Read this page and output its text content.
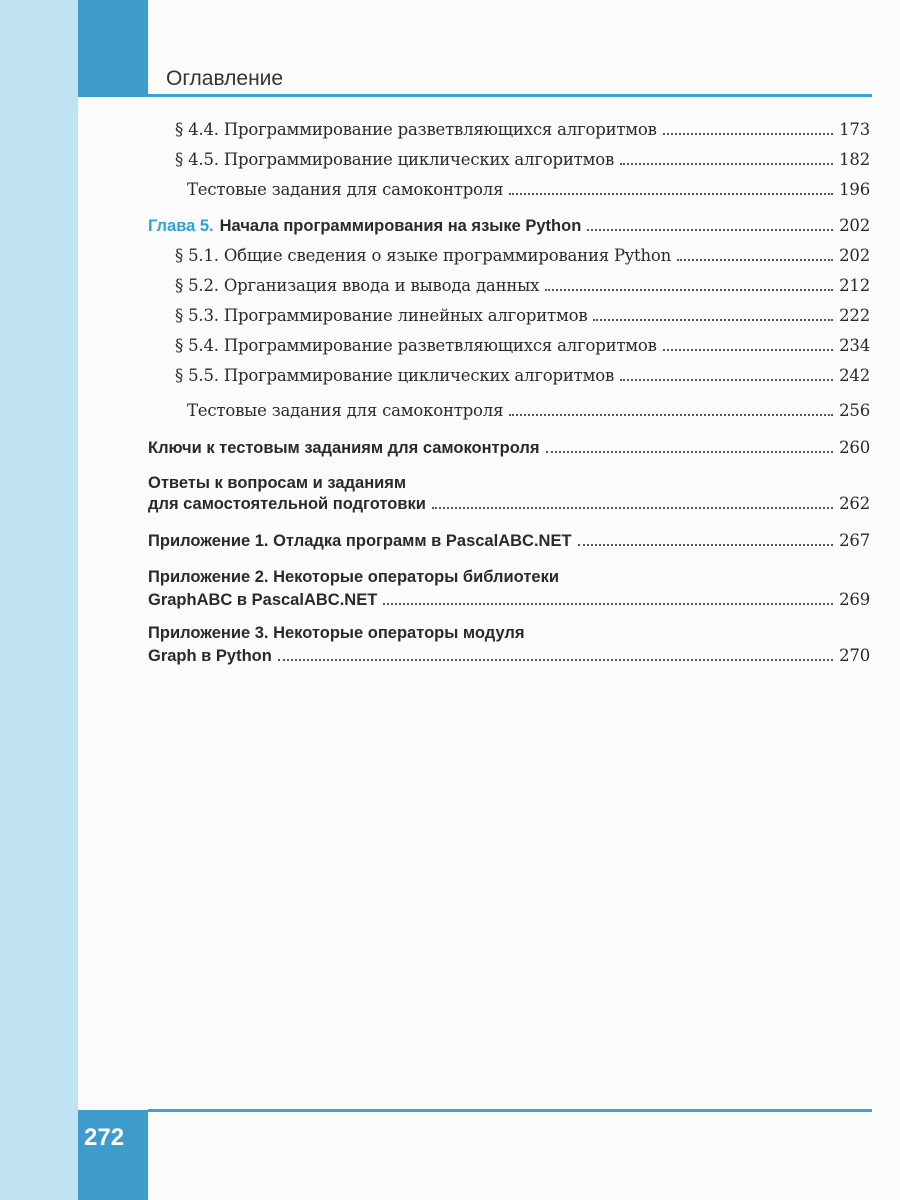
Оглавление
272
§ 4.4. Программирование разветвляющихся алгоритмов	173
§ 4.5. Программирование циклических алгоритмов	182
Тестовые задания для самоконтроля	196
Глава 5. Начала программирования на языке Python	202
§ 5.1. Общие сведения о языке программирования Python	202
§ 5.2. Организация ввода и вывода данных	212
§ 5.3. Программирование линейных алгоритмов	222
§ 5.4. Программирование разветвляющихся алгоритмов	234
§ 5.5. Программирование циклических алгоритмов	242
Тестовые задания для самоконтроля	256
Ключи к тестовым заданиям для самоконтроля	260
Ответы к вопросам и заданиям
для самостоятельной подготовки	262
Приложение 1. Отладка программ в PascalABC.NET	267
Приложение 2. Некоторые операторы библиотеки
GraphABC в PascalABC.NET	269
Приложение 3. Некоторые операторы модуля
Graph в Python	270
